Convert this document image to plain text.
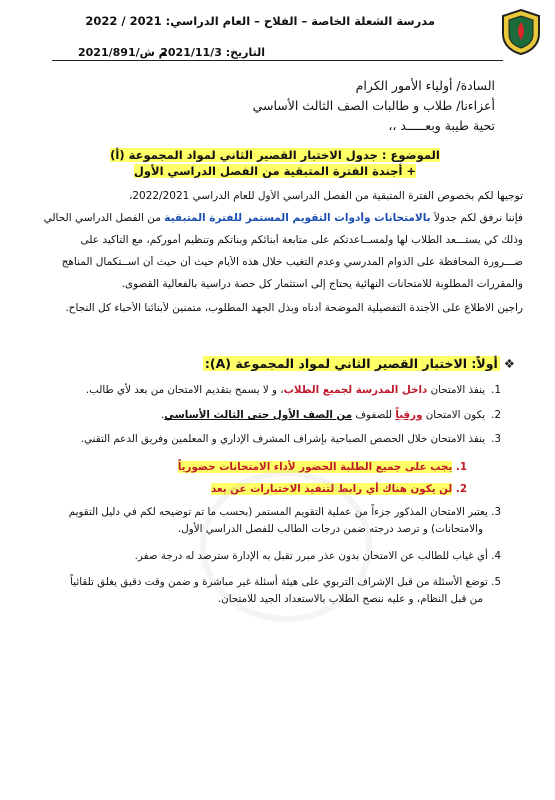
مدرسة الشعلة الخاصة – الفلاح – العام الدراسي: 2021 / 2022
التاريخ: 2021/11/3
م ش/2021/891
السادة/ أولياء الأمور الكرام
أعزاءنا/ طلاب و طالبات الصف الثالث الأساسي
تحية طيبة وبعـــــد ،،
الموضوع : جدول الاختبار القصير الثاني لمواد المجموعة (أ)
+ أجندة الفترة المتبقية من الفصل الدراسي الأول
توجيهاً لكم بخصوص الفترة المتبقية من الفصل الدراسي الأول للعام الدراسي 2022/2021،
فإننا نرفق لكم جدولاً بالامتحانات وأدوات التقويم المستمر للفترة المتبقية من الفصل الدراسي الحالي
وذلك كي يستـــعد الطلاب لها ولمســاعدتكم على متابعة أبنائكم وبناتكم وتنظيم أموركم، مع التأكيد على
ضـــرورة المحافظة على الدوام المدرسي وعدم التغيب خلال هذه الأيام حيث أن حيث أن اســتكمال المناهج
والمقررات المطلوبة للامتحانات النهائية يحتاج إلى استثمار كل حصة دراسية بالفعالية القصوى.
راجين الاطلاع على الأجندة التفصيلية الموضحة أدناه وبذل الجهد المطلوب، متمنين لأبنائنا الأحباء كل النجاح.
❖أولاً: الاختبار القصير الثاني لمواد المجموعة (A):
1.ينفذ الامتحان داخل المدرسة لجميع الطلاب، و لا يسمح بتقديم الامتحان من بعد لأي طالب.
2.يكون الامتحان ورقياً للصفوف من الصف الأول حتى الثالث الأساسي.
3.ينفذ الامتحان خلال الحصص الصباحية بإشراف المشرف الإداري و المعلمين وفريق الدعم التقني.
1. يجب على جميع الطلبة الحضور لأداء الامتحانات حضورياً
2. لن يكون هناك أي رابط لتنفيذ الاختبارات عن بعد
3. يعتبر الامتحان المذكور جزءاً من عملية التقويم المستمر (بحسب ما تم توضيحه لكم في دليل التقويم
والامتحانات) و ترصد درجته ضمن درجات الطالب للفصل الدراسي الأول.
4. أي غياب للطالب عن الامتحان بدون عذر مبرر تقبل به الإدارة سترصد له درجة صفر.
5. توضع الأسئلة من قبل الإشراف التربوي على هيئة أسئلة غير مباشرة و ضمن وقت دقيق يغلق تلقائياً
من قبل النظام، و عليه ننصح الطلاب بالاستعداد الجيد للامتحان.
